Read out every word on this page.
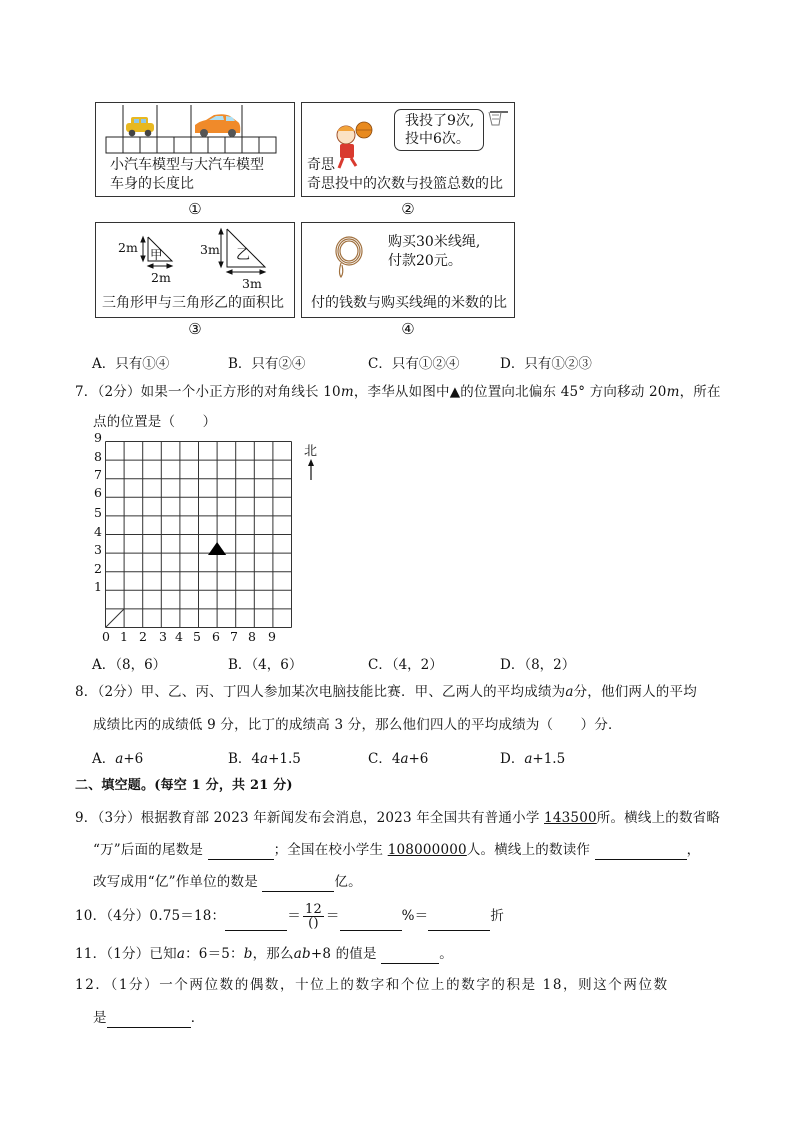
小汽车模型与大汽车模型
车身的长度比
①
我投了9次,
投中6次。
奇思
奇思投中的次数与投篮总数的比
②
2m 甲
2m
3m 乙
3m
三角形甲与三角形乙的面积比
③
购买30米线绳,
付款20元。
付的钱数与购买线绳的米数的比
④
A．只有①④	B．只有②④	C．只有①②④	D．只有①②③
7．（2分）如果一个小正方形的对角线长 10m，李华从如图中▲的位置向北偏东 45° 方向移动 20m，所在
点的位置是（　　）
9
8
7
6
5
4
3
2
1
0 1 2 3 4 5 6 7 8 9
北
A．（8，6）	B．（4，6）	C．（4，2）	D．（8，2）
8．（2分）甲、乙、丙、丁四人参加某次电脑技能比赛．甲、乙两人的平均成绩为a分，他们两人的平均
成绩比丙的成绩低 9 分，比丁的成绩高 3 分，那么他们四人的平均成绩为（　　）分．
A．a+6	B．4a+1.5	C．4a+6	D．a+1.5
二、填空题。(每空 1 分，共 21 分)
9．（3分）根据教育部 2023 年新闻发布会消息，2023 年全国共有普通小学 143500所。横线上的数省略
“万”后面的尾数是	；全国在校小学生 108000000人。横线上的数读作	，
改写成用“亿”作单位的数是	亿。
10．（4分）0.75＝18：	＝ $\frac{12}{()}$ ＝	%＝	折
11．（1分）已知a：6＝5：b，那么ab+8 的值是	。
12．（1分）一个两位数的偶数，十位上的数字和个位上的数字的积是 18，则这个两位数
是	．
